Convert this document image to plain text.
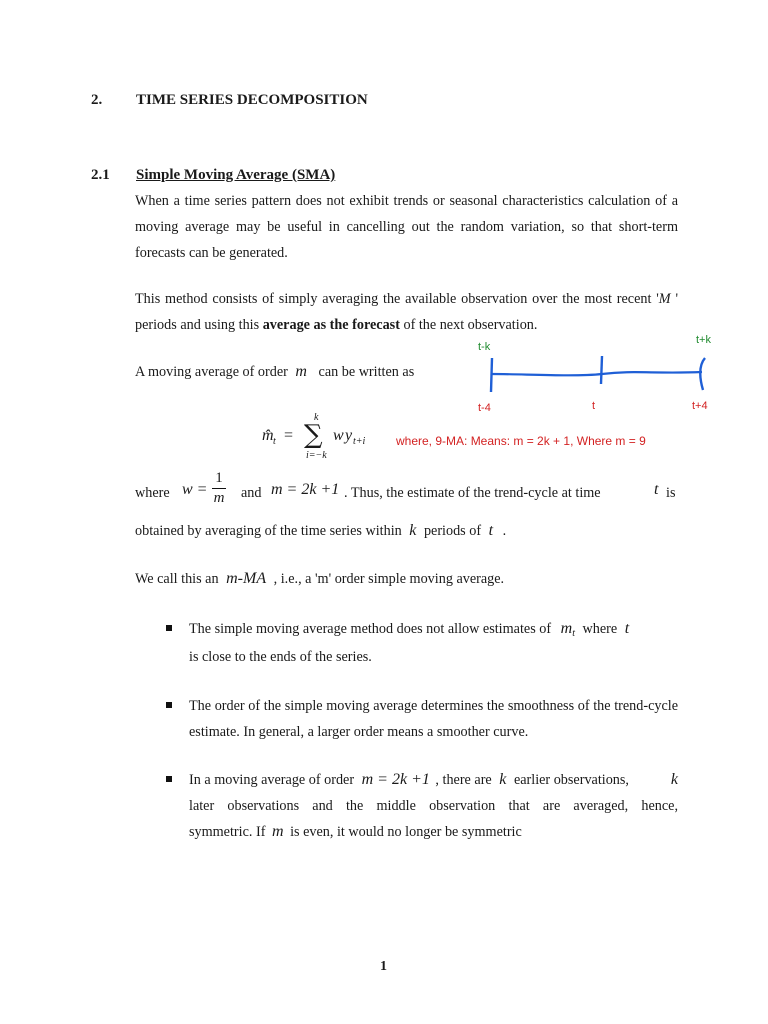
2. TIME SERIES DECOMPOSITION
2.1 Simple Moving Average (SMA)

When a time series pattern does not exhibit trends or seasonal characteristics calculation of a moving average may be useful in cancelling out the random variation, so that short-term forecasts can be generated.

This method consists of simply averaging the available observation over the most recent 'M ' periods and using this average as the forecast of the next observation.

A moving average of order m can be written as
t-k
t+k
t-4	t	t+4
m̂ t =
k
∑
i=−k
w y t+i	where, 9-MA: Means: m = 2k + 1, Where m = 9
where w =
1
m and m = 2k +1 . Thus, the estimate of the trend-cycle at time	t is
obtained by averaging of the time series within k periods of t .
We call this an m-MA , i.e., a 'm' order simple moving average.
The simple moving average method does not allow estimates of $m_t$ where t
is close to the ends of the series.

The order of the simple moving average determines the smoothness of the trend-cycle estimate. In general, a larger order means a smoother curve.

In a moving average of order m = 2k +1 , there are k earlier observations,	k
later observations and the middle observation that are averaged, hence,
symmetric. If m is even, it would no longer be symmetric
1
